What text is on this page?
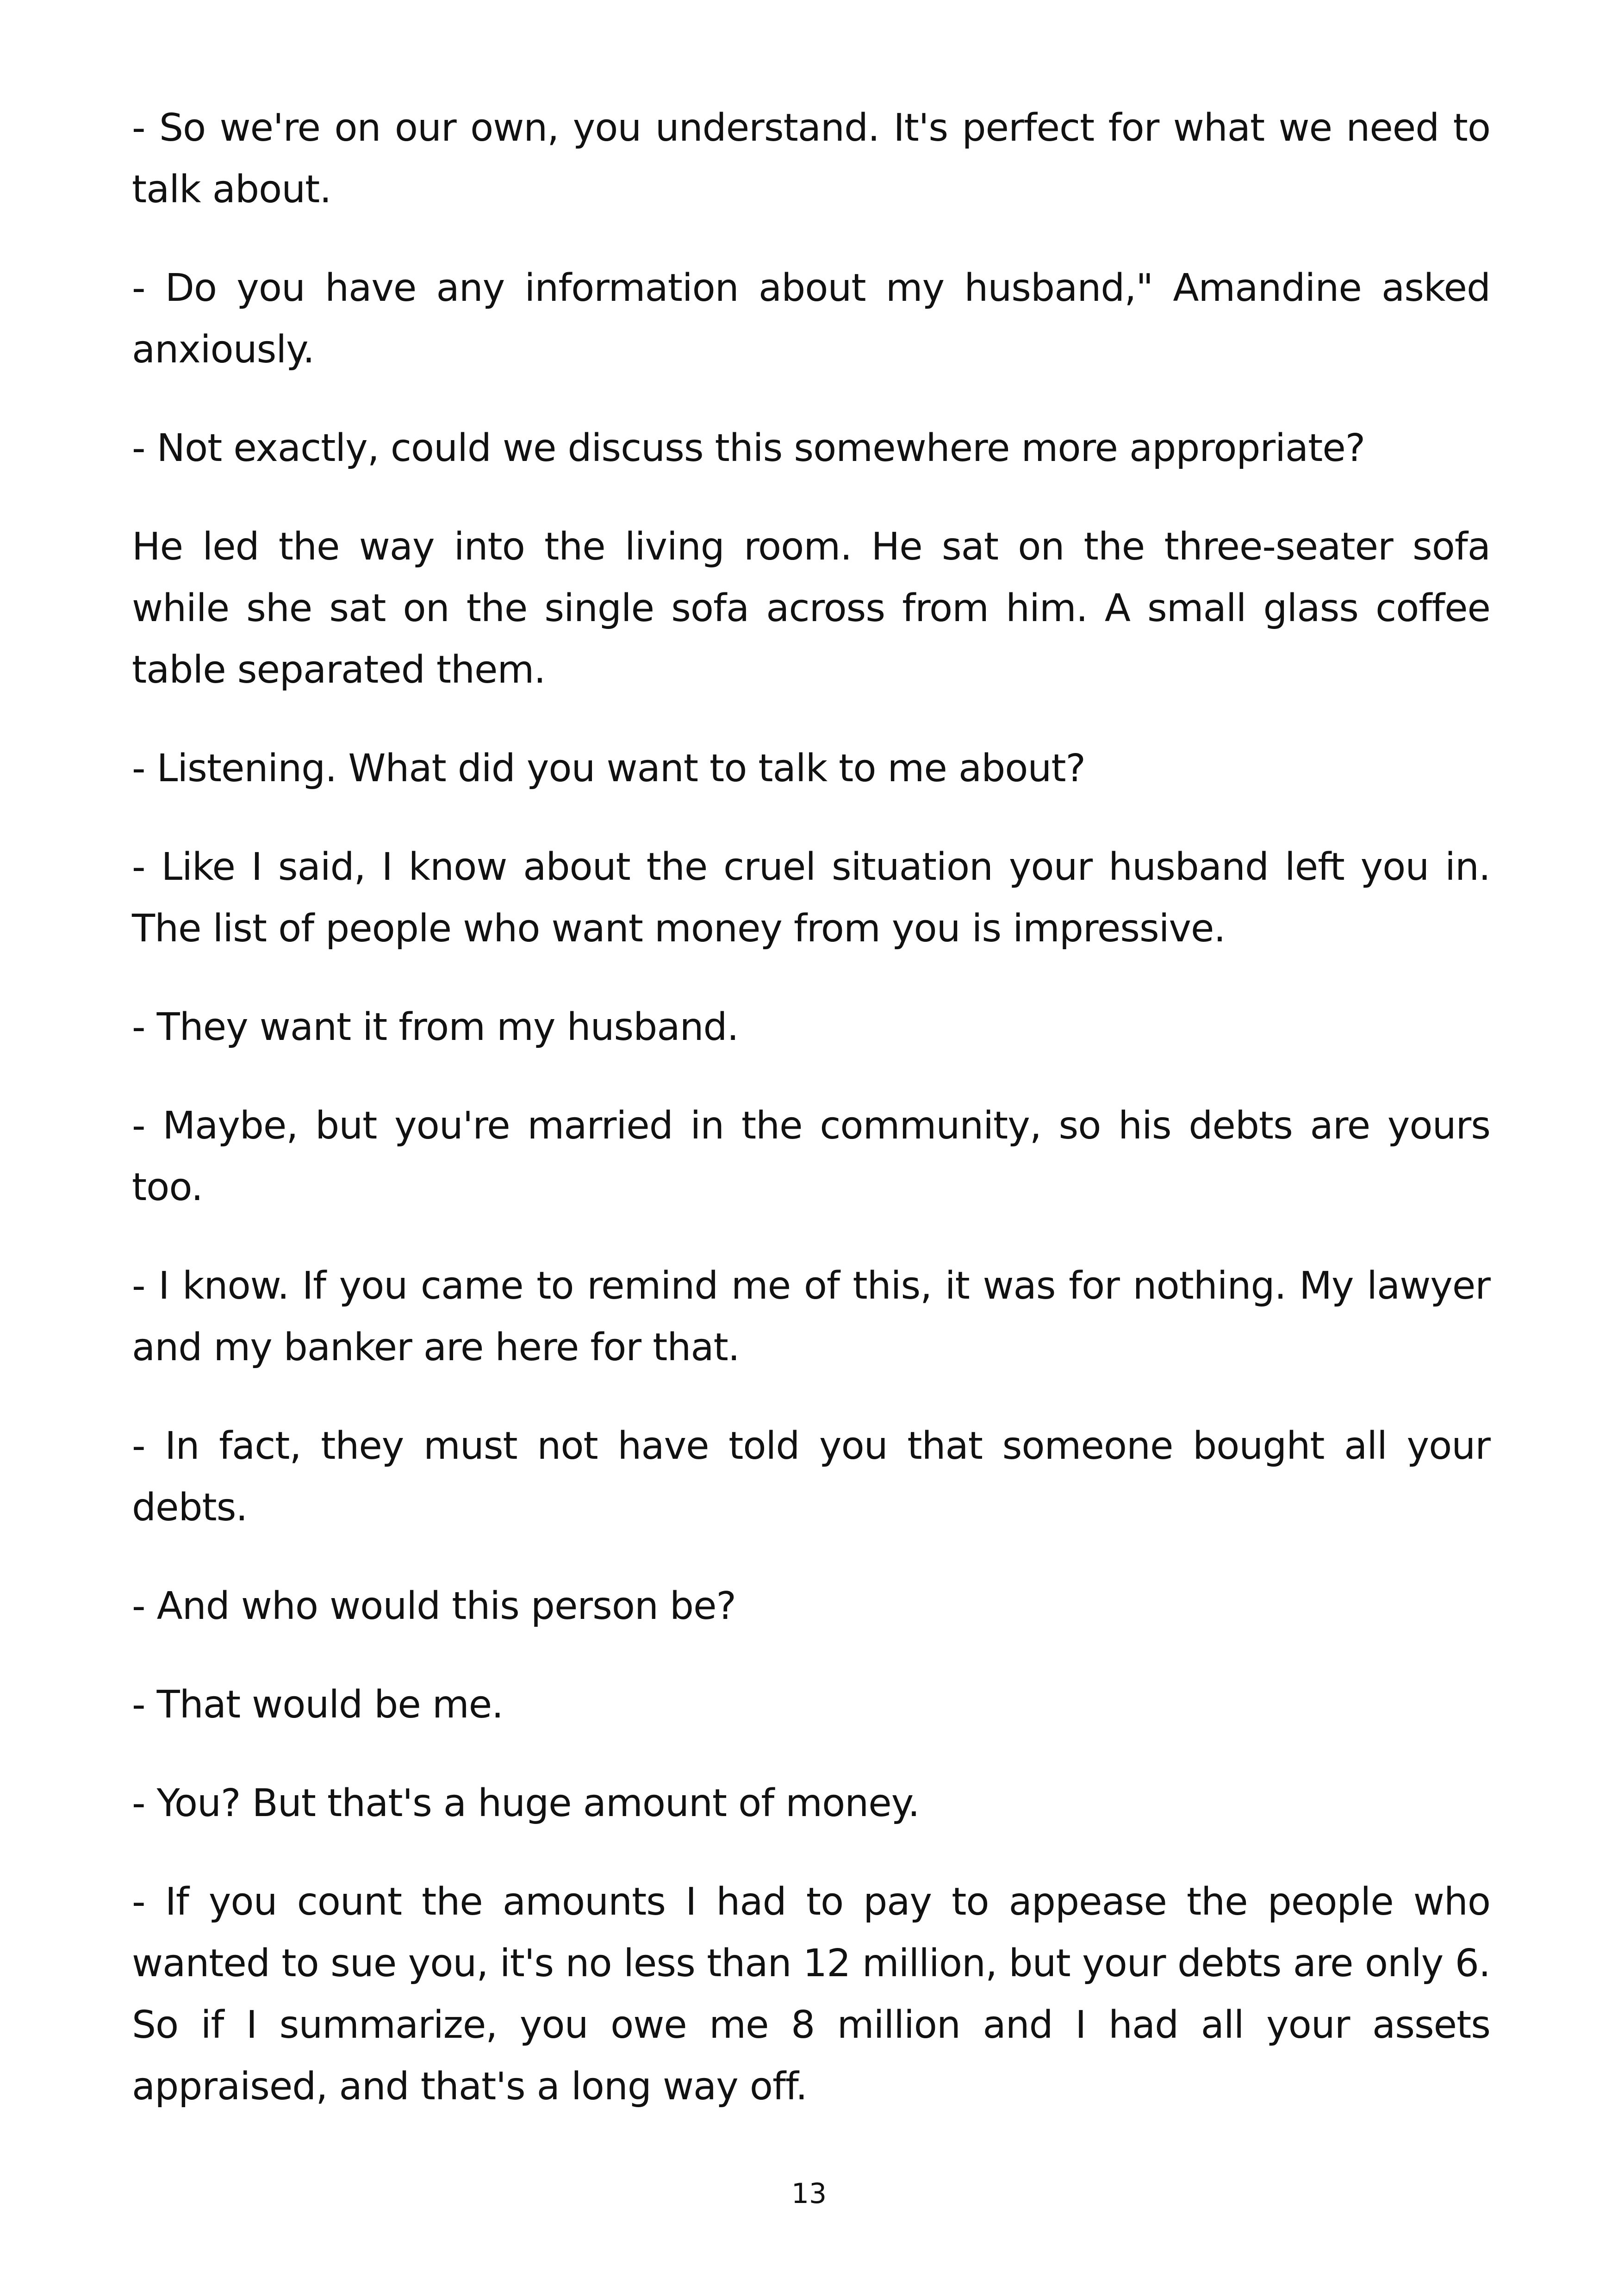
- So we're on our own, you understand. It's perfect for what we need to talk about.

- Do you have any information about my husband," Amandine asked anxiously.

- Not exactly, could we discuss this somewhere more appropriate?

He led the way into the living room. He sat on the three-seater sofa while she sat on the single sofa across from him. A small glass coffee table separated them.

- Listening. What did you want to talk to me about?

- Like I said, I know about the cruel situation your husband left you in. The list of people who want money from you is impressive.

- They want it from my husband.

- Maybe, but you're married in the community, so his debts are yours too.

- I know. If you came to remind me of this, it was for nothing. My lawyer and my banker are here for that.

- In fact, they must not have told you that someone bought all your debts.

- And who would this person be?

- That would be me.

- You? But that's a huge amount of money.

- If you count the amounts I had to pay to appease the people who wanted to sue you, it's no less than 12 million, but your debts are only 6. So if I summarize, you owe me 8 million and I had all your assets appraised, and that's a long way off.

13
